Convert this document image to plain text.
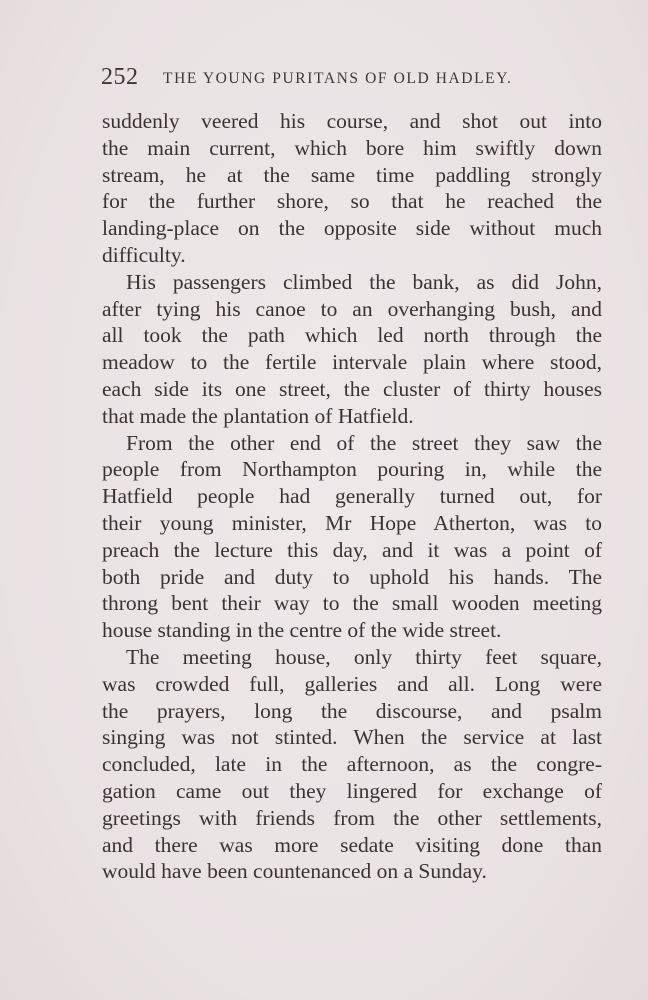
252 THE YOUNG PURITANS OF OLD HADLEY.
suddenly veered his course, and shot out into
the main current, which bore him swiftly down
stream, he at the same time paddling strongly
for the further shore, so that he reached the
landing-place on the opposite side without much
difficulty.
His passengers climbed the bank, as did John,
after tying his canoe to an overhanging bush, and
all took the path which led north through the
meadow to the fertile intervale plain where stood,
each side its one street, the cluster of thirty houses
that made the plantation of Hatfield.
From the other end of the street they saw the
people from Northampton pouring in, while the
Hatfield people had generally turned out, for
their young minister, Mr Hope Atherton, was to
preach the lecture this day, and it was a point of
both pride and duty to uphold his hands. The
throng bent their way to the small wooden meeting
house standing in the centre of the wide street.
The meeting house, only thirty feet square,
was crowded full, galleries and all. Long were
the prayers, long the discourse, and psalm
singing was not stinted. When the service at last
concluded, late in the afternoon, as the congre-
gation came out they lingered for exchange of
greetings with friends from the other settlements,
and there was more sedate visiting done than
would have been countenanced on a Sunday.
